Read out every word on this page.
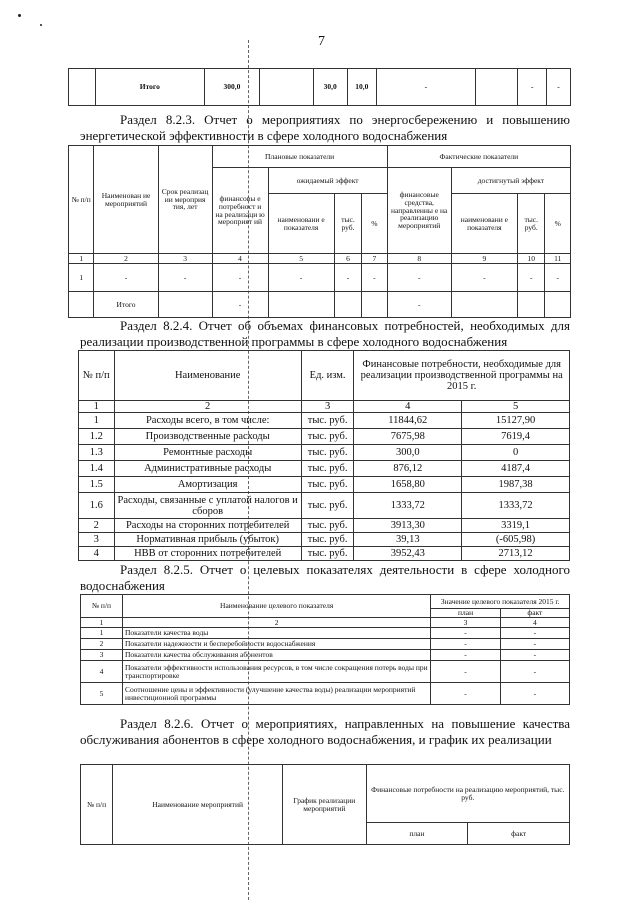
7
	Итого	300,0		30,0	10,0	-		-	-
Раздел 8.2.3. Отчет о мероприятиях по энергосбережению и повышению энергетической эффективности в сфере холодного водоснабжения
№ п/п	Наименован ие мероприятий	Срок реализац ии мероприя тия, лет	Плановые показатели				Фактические показатели			
			финансовы е потребност и на реализаци ю мероприят ий	ожидаемый эффект			финансовые средства, направленны е на реализацию мероприятий	достигнутый эффект		
				наименовани е показателя	тыс. руб.	%		наименовани е показателя	тыс. руб.	%
1	2	3	4	5	6	7	8	9	10	11
1	-	-	-	-	-	-	-	-	-	-
	Итого		-				-			
Раздел 8.2.4. Отчет об объемах финансовых потребностей, необходимых для реализации производственной программы в сфере холодного водоснабжения
№ п/п	Наименование	Ед. изм.	Финансовые потребности, необходимые для реализации производственной программы на 2015 г.	
1	2	3	4	5
1	Расходы всего, в том числе:	тыс. руб.	11844,62	15127,90
1.2	Производственные расходы	тыс. руб.	7675,98	7619,4
1.3	Ремонтные расходы	тыс. руб.	300,0	0
1.4	Административные расходы	тыс. руб.	876,12	4187,4
1.5	Амортизация	тыс. руб.	1658,80	1987,38
1.6	Расходы, связанные с уплатой налогов и сборов	тыс. руб.	1333,72	1333,72
2	Расходы на сторонних потребителей	тыс. руб.	3913,30	3319,1
3	Нормативная прибыль (убыток)	тыс. руб.	39,13	(-605,98)
4	НВВ от сторонних потребителей	тыс. руб.	3952,43	2713,12
Раздел 8.2.5. Отчет о целевых показателях деятельности в сфере холодного водоснабжения
№ п/п	Наименование целевого показателя	Значение целевого показателя 2015 г.	
		план	факт
1	2	3	4
1	Показатели качества воды	-	-
2	Показатели надежности и бесперебойности водоснабжения	-	-
3	Показатели качества обслуживания абонентов	-	-
4	Показатели эффективности использования ресурсов, в том числе сокращения потерь воды при транспортировке	-	-
5	Соотношение цены и эффективности (улучшение качества воды) реализации мероприятий инвестиционной программы	-	-
Раздел 8.2.6. Отчет о мероприятиях, направленных на повышение качества обслуживания абонентов в сфере холодного водоснабжения, и график их реализации
№ п/п	Наименование мероприятий	График реализации мероприятий	Финансовые потребности на реализацию мероприятий, тыс. руб.	
			план	факт
